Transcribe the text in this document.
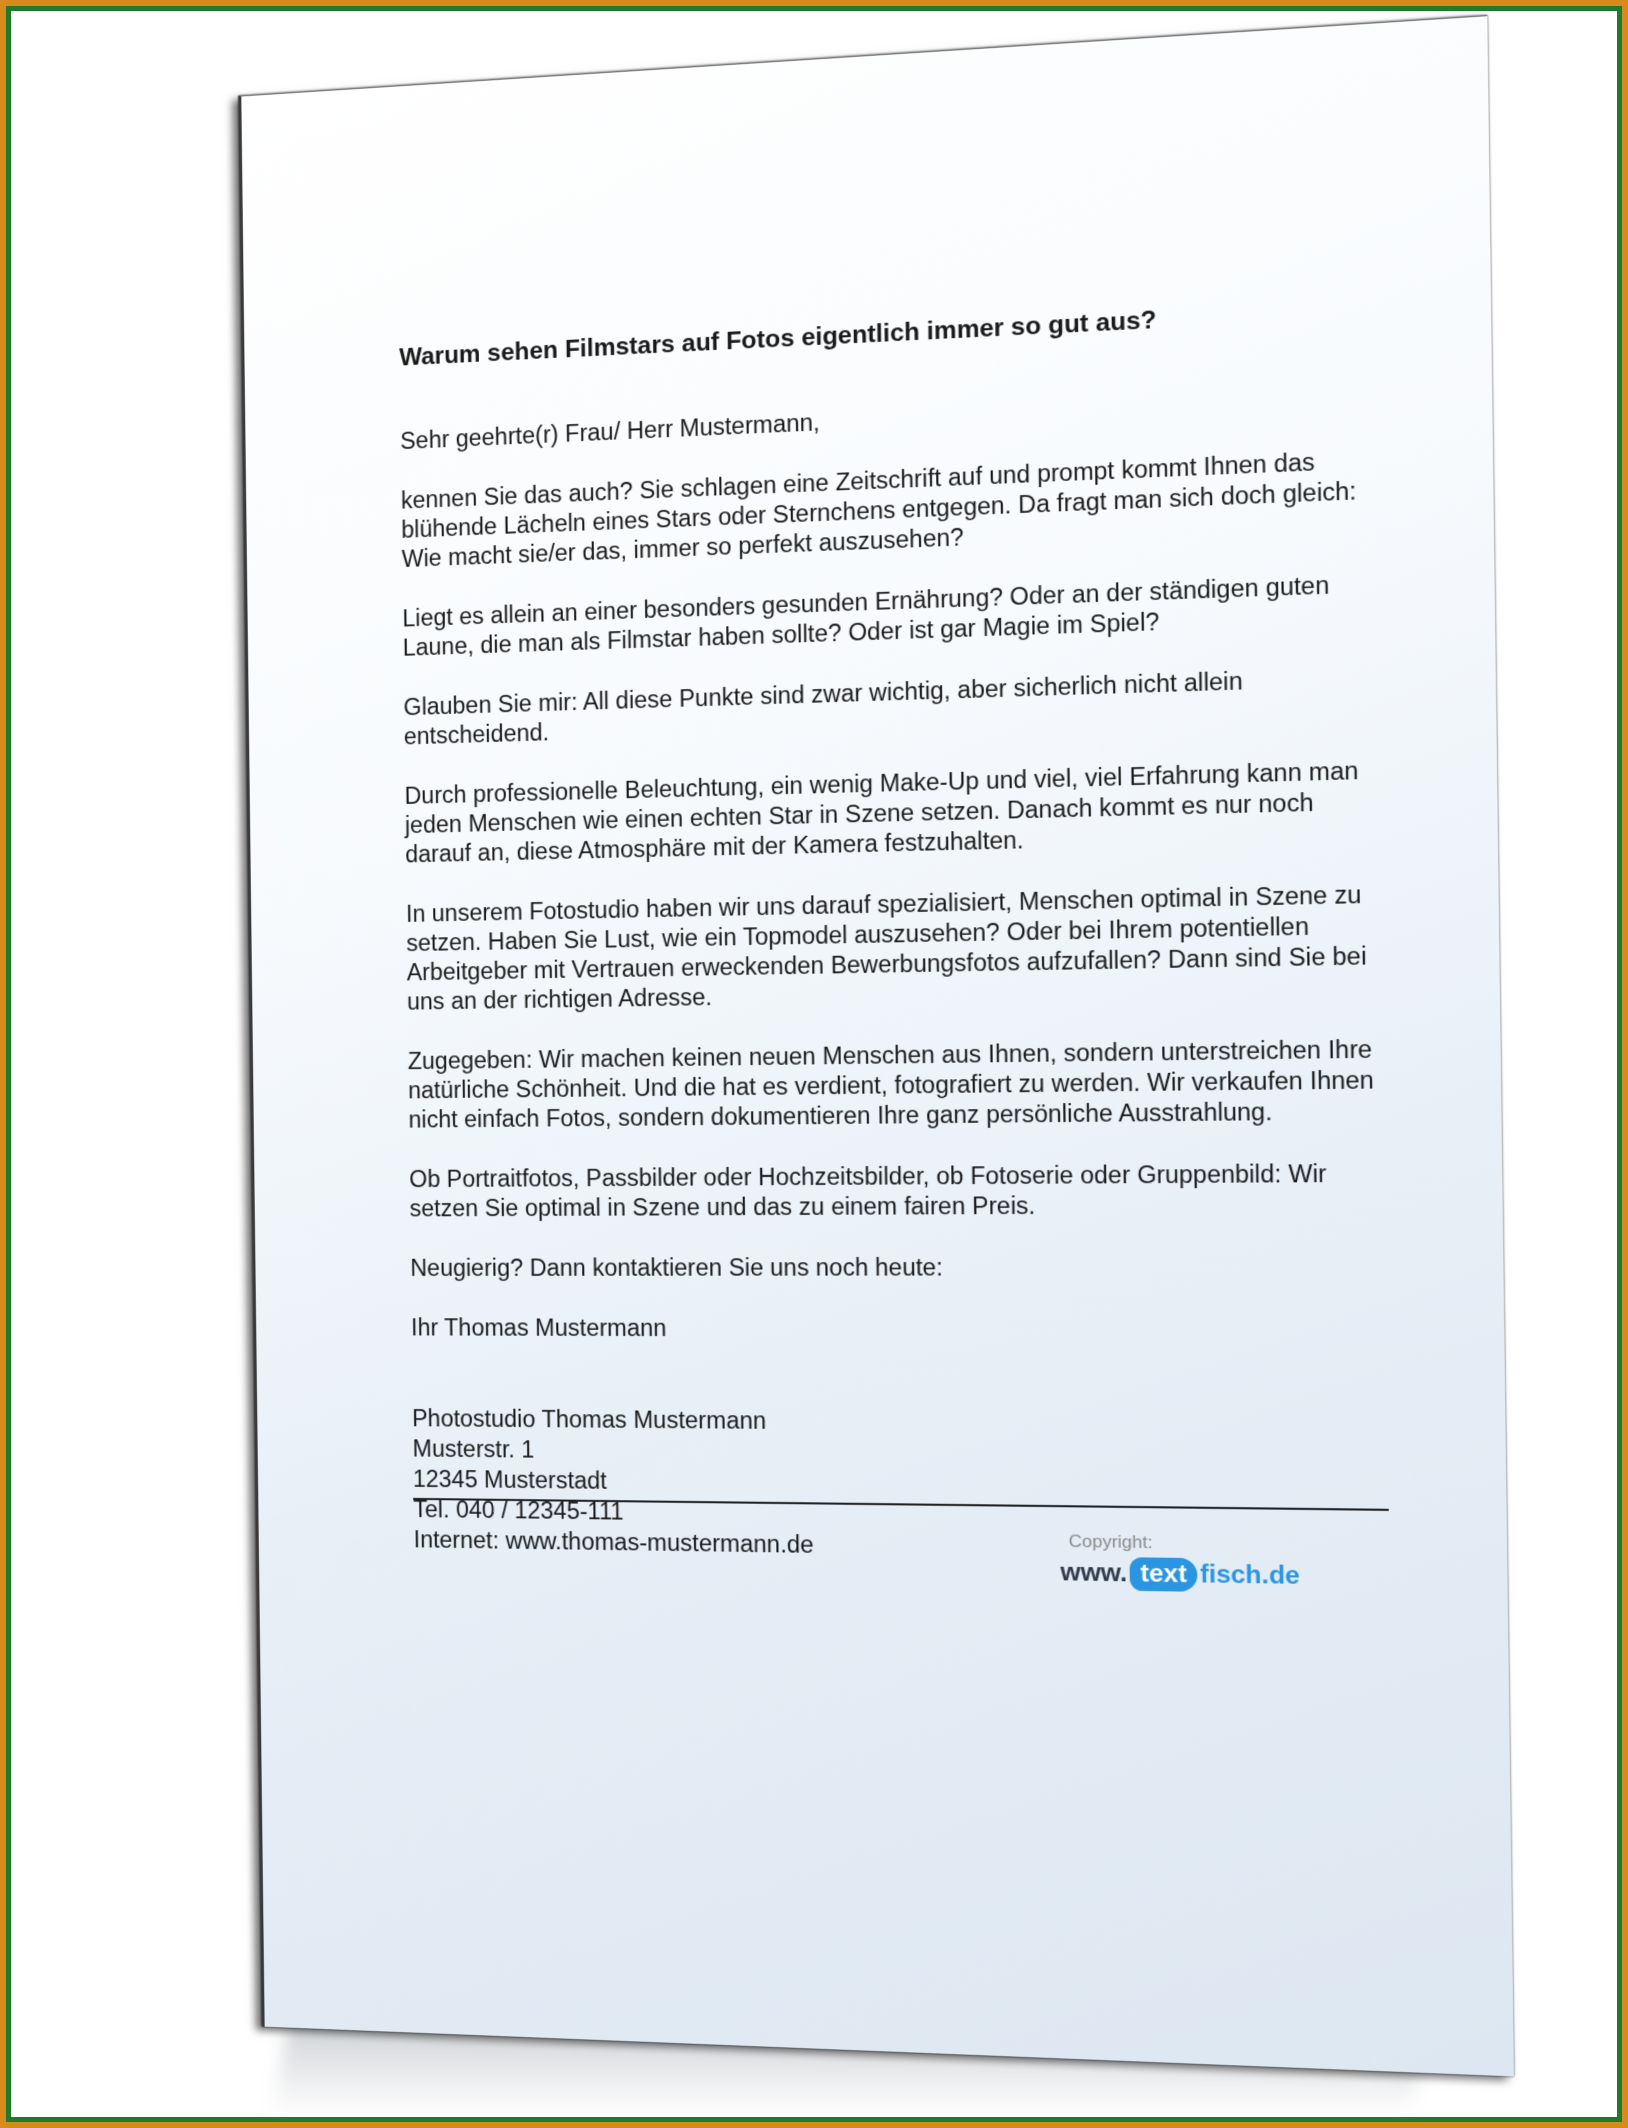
Warum sehen Filmstars auf Fotos eigentlich immer so gut aus?
Sehr geehrte(r) Frau/ Herr Mustermann,
kennen Sie das auch? Sie schlagen eine Zeitschrift auf und prompt kommt Ihnen das blühende Lächeln eines Stars oder Sternchens entgegen. Da fragt man sich doch gleich: Wie macht sie/er das, immer so perfekt auszusehen?
Liegt es allein an einer besonders gesunden Ernährung? Oder an der ständigen guten Laune, die man als Filmstar haben sollte? Oder ist gar Magie im Spiel?
Glauben Sie mir: All diese Punkte sind zwar wichtig, aber sicherlich nicht allein entscheidend.
Durch professionelle Beleuchtung, ein wenig Make-Up und viel, viel Erfahrung kann man jeden Menschen wie einen echten Star in Szene setzen. Danach kommt es nur noch darauf an, diese Atmosphäre mit der Kamera festzuhalten.
In unserem Fotostudio haben wir uns darauf spezialisiert, Menschen optimal in Szene zu setzen. Haben Sie Lust, wie ein Topmodel auszusehen? Oder bei Ihrem potentiellen Arbeitgeber mit Vertrauen erweckenden Bewerbungsfotos aufzufallen? Dann sind Sie bei uns an der richtigen Adresse.
Zugegeben: Wir machen keinen neuen Menschen aus Ihnen, sondern unterstreichen Ihre natürliche Schönheit. Und die hat es verdient, fotografiert zu werden. Wir verkaufen Ihnen nicht einfach Fotos, sondern dokumentieren Ihre ganz persönliche Ausstrahlung.
Ob Portraitfotos, Passbilder oder Hochzeitsbilder, ob Fotoserie oder Gruppenbild: Wir setzen Sie optimal in Szene und das zu einem fairen Preis.
Neugierig? Dann kontaktieren Sie uns noch heute:
Ihr Thomas Mustermann
Photostudio Thomas Mustermann
Musterstr. 1
12345 Musterstadt
Tel. 040 / 12345-111
Internet: www.thomas-mustermann.de	Copyright:
www. text fisch.de
